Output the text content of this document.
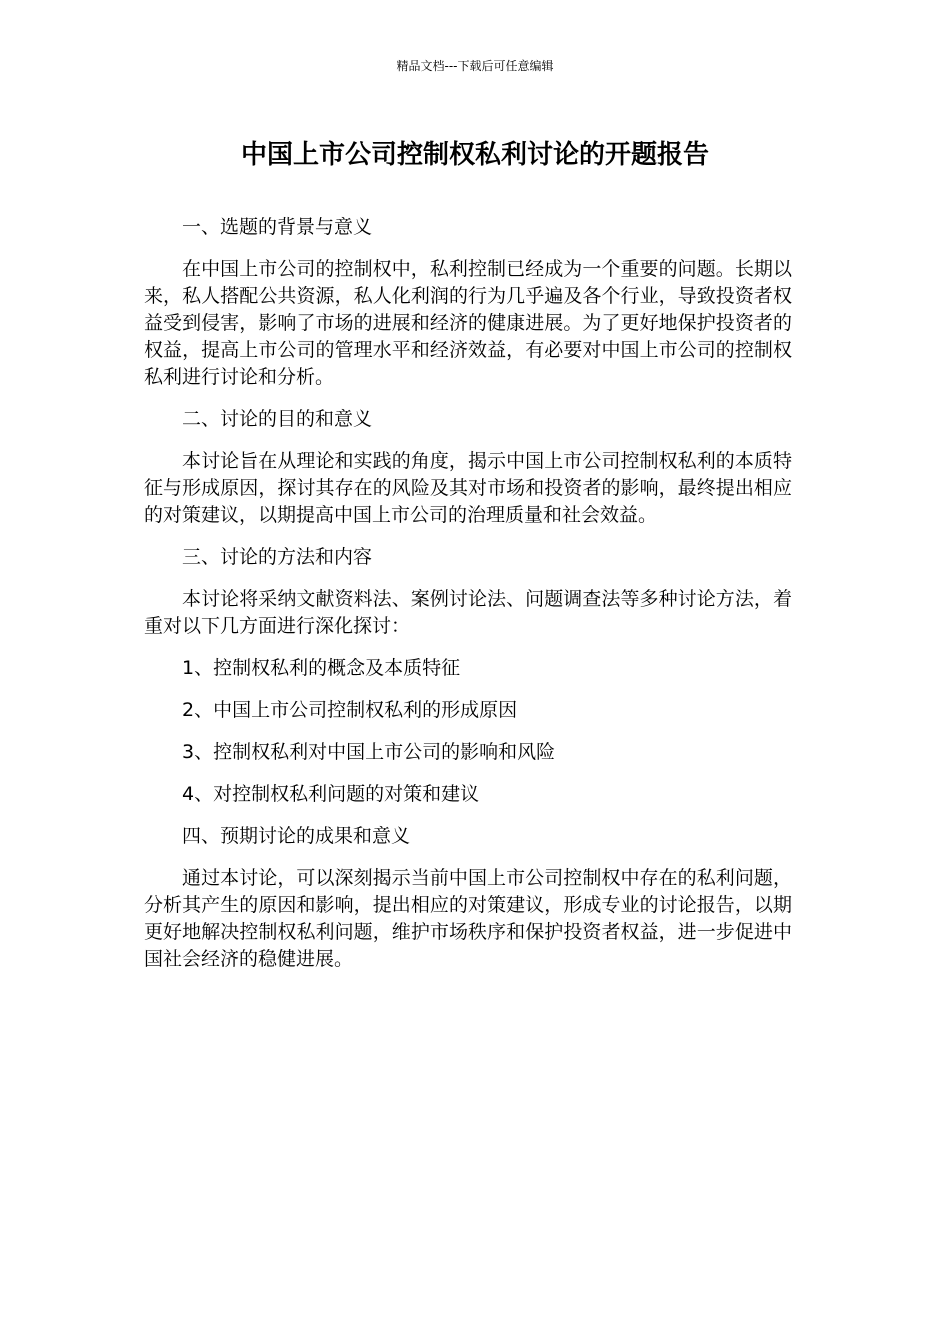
精品文档---下载后可任意编辑
中国上市公司控制权私利讨论的开题报告

一、选题的背景与意义

在中国上市公司的控制权中，私利控制已经成为一个重要的问题。长期以来，私人搭配公共资源，私人化利润的行为几乎遍及各个行业，导致投资者权益受到侵害，影响了市场的进展和经济的健康进展。为了更好地保护投资者的权益，提高上市公司的管理水平和经济效益，有必要对中国上市公司的控制权私利进行讨论和分析。

二、讨论的目的和意义

本讨论旨在从理论和实践的角度，揭示中国上市公司控制权私利的本质特征与形成原因，探讨其存在的风险及其对市场和投资者的影响，最终提出相应的对策建议，以期提高中国上市公司的治理质量和社会效益。

三、讨论的方法和内容

本讨论将采纳文献资料法、案例讨论法、问题调查法等多种讨论方法，着重对以下几方面进行深化探讨：

1、控制权私利的概念及本质特征

2、中国上市公司控制权私利的形成原因

3、控制权私利对中国上市公司的影响和风险

4、对控制权私利问题的对策和建议

四、预期讨论的成果和意义

通过本讨论，可以深刻揭示当前中国上市公司控制权中存在的私利问题，分析其产生的原因和影响，提出相应的对策建议，形成专业的讨论报告，以期更好地解决控制权私利问题，维护市场秩序和保护投资者权益，进一步促进中国社会经济的稳健进展。
